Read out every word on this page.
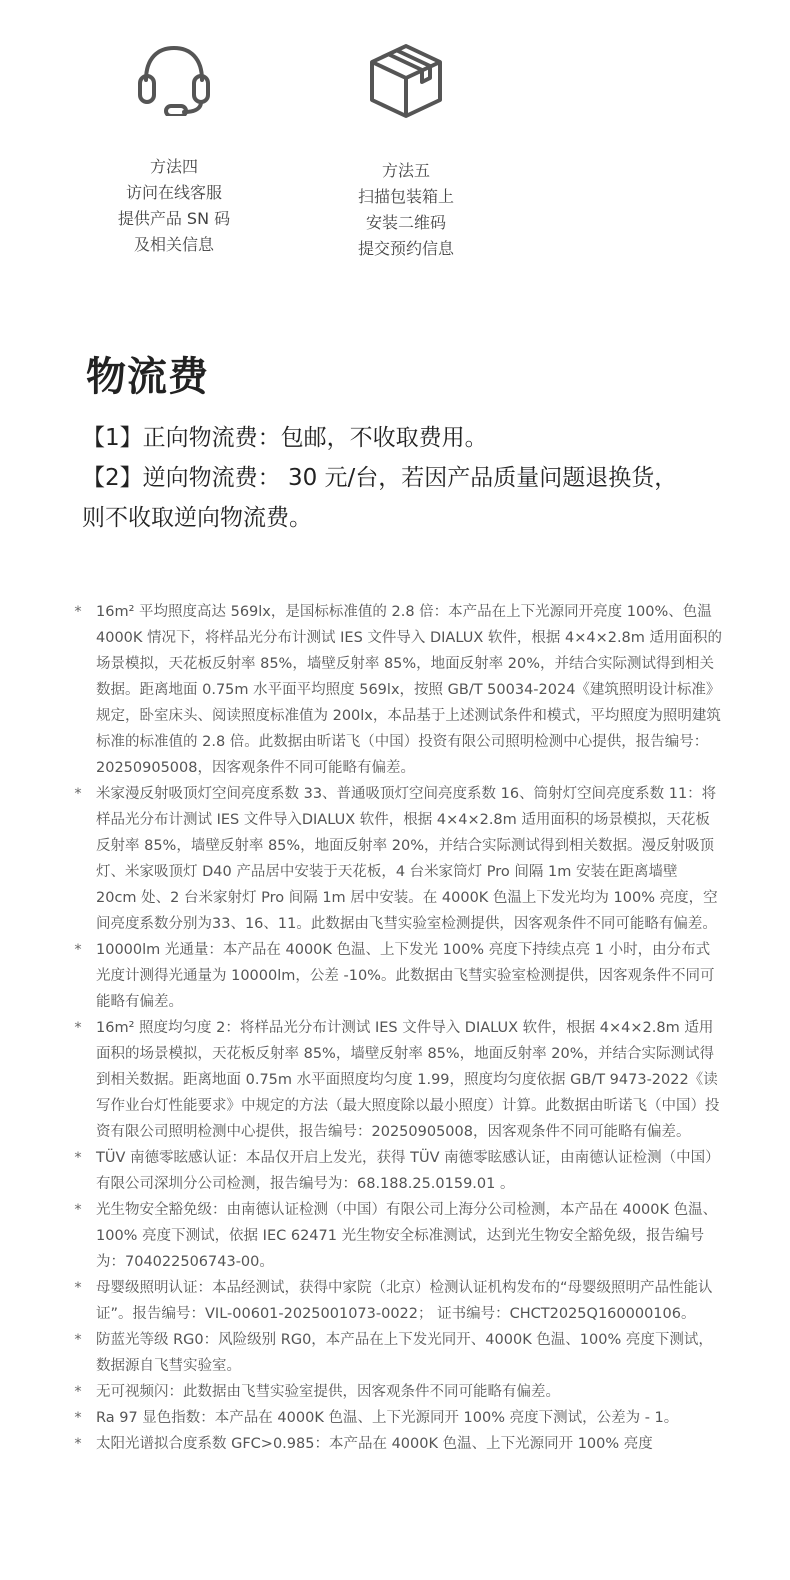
方法四
访问在线客服
提供产品 SN 码
及相关信息
方法五
扫描包装箱上
安装二维码
提交预约信息
物流费
【1】正向物流费：包邮，不收取费用。
【2】逆向物流费： 30 元/台，若因产品质量问题退换货，
则不收取逆向物流费。
* 16m² 平均照度高达 569lx，是国标标准值的 2.8 倍：本产品在上下光源同开亮度 100%、色温 4000K 情况下，将样品光分布计测试 IES 文件导入 DIALUX 软件，根据 4×4×2.8m 适用面积的场景模拟，天花板反射率 85%，墙壁反射率 85%，地面反射率 20%，并结合实际测试得到相关数据。距离地面 0.75m 水平面平均照度 569lx，按照 GB/T 50034-2024《建筑照明设计标准》规定，卧室床头、阅读照度标准值为 200lx，本品基于上述测试条件和模式，平均照度为照明建筑标准的标准值的 2.8 倍。此数据由昕诺飞（中国）投资有限公司照明检测中心提供，报告编号：20250905008，因客观条件不同可能略有偏差。
* 米家漫反射吸顶灯空间亮度系数 33、普通吸顶灯空间亮度系数 16、筒射灯空间亮度系数 11：将样品光分布计测试 IES 文件导入DIALUX 软件，根据 4×4×2.8m 适用面积的场景模拟，天花板反射率 85%，墙壁反射率 85%，地面反射率 20%，并结合实际测试得到相关数据。漫反射吸顶灯、米家吸顶灯 D40 产品居中安装于天花板，4 台米家筒灯 Pro 间隔 1m 安装在距离墙壁 20cm 处、2 台米家射灯 Pro 间隔 1m 居中安装。在 4000K 色温上下发光均为 100% 亮度，空间亮度系数分别为33、16、11。此数据由飞彗实验室检测提供，因客观条件不同可能略有偏差。
* 10000lm 光通量：本产品在 4000K 色温、上下发光 100% 亮度下持续点亮 1 小时，由分布式光度计测得光通量为 10000lm，公差 -10%。此数据由飞彗实验室检测提供，因客观条件不同可能略有偏差。
* 16m² 照度均匀度 2：将样品光分布计测试 IES 文件导入 DIALUX 软件，根据 4×4×2.8m 适用面积的场景模拟，天花板反射率 85%，墙壁反射率 85%，地面反射率 20%，并结合实际测试得到相关数据。距离地面 0.75m 水平面照度均匀度 1.99，照度均匀度依据 GB/T 9473-2022《读写作业台灯性能要求》中规定的方法（最大照度除以最小照度）计算。此数据由昕诺飞（中国）投资有限公司照明检测中心提供，报告编号：20250905008，因客观条件不同可能略有偏差。
* TÜV 南德零眩感认证：本品仅开启上发光，获得 TÜV 南德零眩感认证，由南德认证检测（中国）有限公司深圳分公司检测，报告编号为：68.188.25.0159.01 。
* 光生物安全豁免级：由南德认证检测（中国）有限公司上海分公司检测，本产品在 4000K 色温、100% 亮度下测试，依据 IEC 62471 光生物安全标准测试，达到光生物安全豁免级，报告编号为：704022506743-00。
* 母婴级照明认证：本品经测试，获得中家院（北京）检测认证机构发布的“母婴级照明产品性能认证”。报告编号：VIL-00601-2025001073-0022； 证书编号：CHCT2025Q160000106。
* 防蓝光等级 RG0：风险级别 RG0，本产品在上下发光同开、4000K 色温、100% 亮度下测试，数据源自飞彗实验室。
* 无可视频闪：此数据由飞彗实验室提供，因客观条件不同可能略有偏差。
* Ra 97 显色指数：本产品在 4000K 色温、上下光源同开 100% 亮度下测试，公差为 - 1。
* 太阳光谱拟合度系数 GFC>0.985：本产品在 4000K 色温、上下光源同开 100% 亮度
